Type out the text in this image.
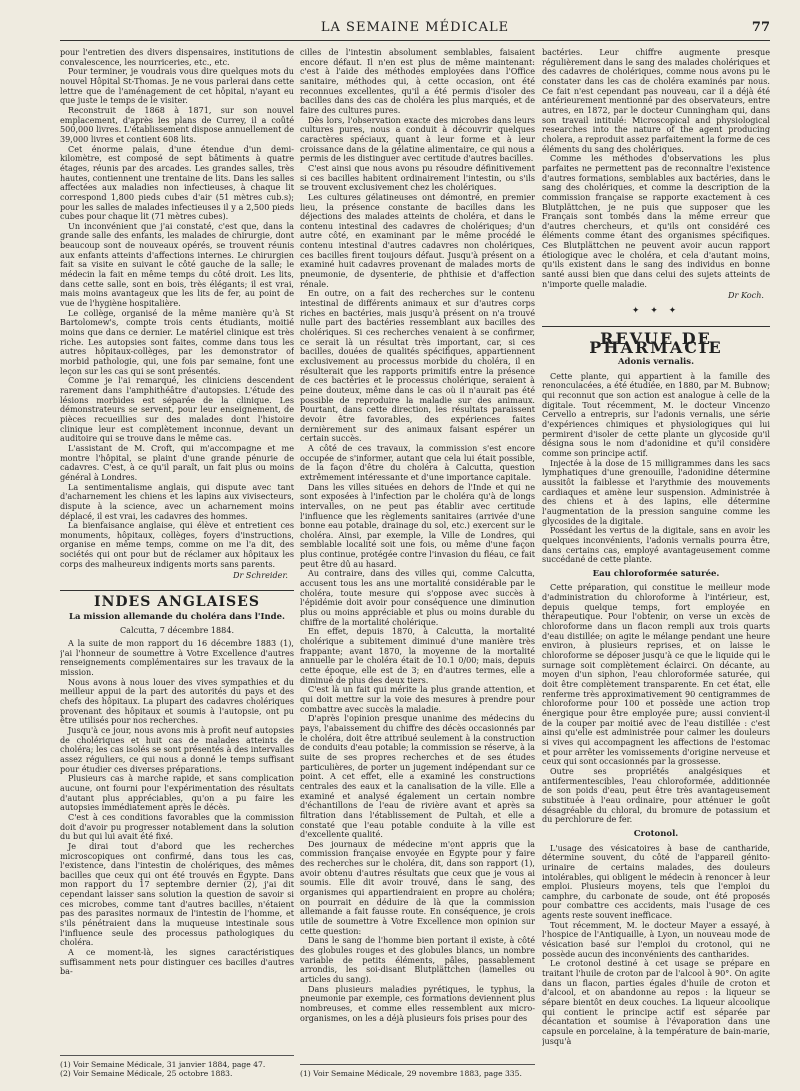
LA SEMAINE MÉDICALE	77

pour l'entretien des divers dispensaires, institutions de convalescence, les nourriceries, etc., etc.

Pour terminer, je voudrais vous dire quelques mots du nouvel Hôpital St-Thomas. Je ne vous parlerai dans cette lettre que de l'aménagement de cet hôpital, n'ayant eu que juste le temps de le visiter.

Reconstruit de 1868 à 1871, sur son nouvel emplacement, d'après les plans de Currey, il a coûté 500,000 livres. L'établissement dispose annuellement de 39,000 livres et contient 608 lits.

Cet énorme palais, d'une étendue d'un demi-kilomètre, est composé de sept bâtiments à quatre étages, réunis par des arcades. Les grandes salles, très hautes, contiennent une trentaine de lits. Dans les salles affectées aux maladies non infectieuses, à chaque lit correspond 1,800 pieds cubes d'air (51 mètres cub.s); pour les salles de malades infectieuses il y a 2,500 pieds cubes pour chaque lit (71 mètres cubes).

Un inconvénient que j'ai constaté, c'est que, dans la grande salle des enfants, les malades de chirurgie, dont beaucoup sont de nouveaux opérés, se trouvent réunis aux enfants atteints d'affections internes. Le chirurgien fait sa visite en suivant le côté gauche de la salle; le médecin la fait en même temps du côté droit. Les lits, dans cette salle, sont en bois, très élégants; il est vrai, mais moins avantageux que les lits de fer, au point de vue de l'hygiène hospitalière.

Le collège, organisé de la même manière qu'à St Bartolomew's, compte trois cents étudiants, moitié moins que dans ce dernier. Le matériel clinique est très riche. Les autopsies sont faites, comme dans tous les autres hôpitaux-collèges, par les demonstrator of morbid pathologie, qui, une fois par semaine, font une leçon sur les cas qui se sont présentés.

Comme je l'ai remarqué, les cliniciens descendent rarement dans l'amphithéâtre d'autopsies. L'étude des lésions morbides est séparée de la clinique. Les démonstrateurs se servent, pour leur enseignement, de pièces recueillies sur des malades dont l'histoire clinique leur est complètement inconnue, devant un auditoire qui se trouve dans le même cas.

L'assistant de M. Croft, qui m'accompagne et me montre l'hôpital, se plaint d'une grande pénurie de cadavres. C'est, à ce qu'il paraît, un fait plus ou moins général à Londres.

La sentimentalisme anglais, qui dispute avec tant d'acharnement les chiens et les lapins aux vivisecteurs, dispute à la science, avec un acharnement moins déplacé, il est vrai, les cadavres des hommes.

La bienfaisance anglaise, qui élève et entretient ces monuments, hôpitaux, collèges, foyers d'instructions, organise en même temps, comme on me l'a dit, des sociétés qui ont pour but de réclamer aux hôpitaux les corps des malheureux indigents morts sans parents.

Dr Schreider.
INDES ANGLAISES
La mission allemande du choléra dans l'Inde.
Calcutta, 7 décembre 1884.

A la suite de mon rapport du 16 décembre 1883 (1), j'ai l'honneur de soumettre à Votre Excellence d'autres renseignements complémentaires sur les travaux de la mission.

Nous avons à nous louer des vives sympathies et du meilleur appui de la part des autorités du pays et des chefs des hôpitaux. La plupart des cadavres cholériques provenant des hôpitaux et soumis à l'autopsie, ont pu être utilisés pour nos recherches.

Jusqu'à ce jour, nous avons mis à profit neuf autopsies de cholériques et huit cas de malades atteints de choléra; les cas isolés se sont présentés à des intervalles assez réguliers, ce qui nous a donné le temps suffisant pour étudier ces diverses préparations.

Plusieurs cas à marche rapide, et sans complication aucune, ont fourni pour l'expérimentation des résultats d'autant plus appréciables, qu'on a pu faire les autopsies immédiatement après le décès.

C'est à ces conditions favorables que la commission doit d'avoir pu progresser notablement dans la solution du but qui lui avait été fixé.

Je dirai tout d'abord que les recherches microscopiques ont confirmé, dans tous les cas, l'existence, dans l'intestin de cholériques, des mêmes bacilles que ceux qui ont été trouvés en Égypte. Dans mon rapport du 17 septembre dernier (2), j'ai dit cependant laisser sans solution la question de savoir si ces microbes, comme tant d'autres bacilles, n'étaient pas des parasites normaux de l'intestin de l'homme, et s'ils pénétraient dans la muqueuse intestinale sous l'influence seule des processus pathologiques du choléra.

A ce moment-là, les signes caractéristiques suffisamment nets pour distinguer ces bacilles d'autres ba-

(1) Voir Semaine Médicale, 31 janvier 1884, page 47.
(2) Voir Semaine Médicale, 25 octobre 1883.

cilles de l'intestin absolument semblables, faisaient encore défaut. Il n'en est plus de même maintenant: c'est à l'aide des méthodes employées dans l'Office sanitaire, méthodes qui, à cette occasion, ont été reconnues excellentes, qu'il a été permis d'isoler des bacilles dans des cas de choléra les plus marqués, et de faire des cultures pures.

Dès lors, l'observation exacte des microbes dans leurs cultures pures, nous a conduit à découvrir quelques caractères spéciaux, quant à leur forme et à leur croissance dans de la gélatine alimentaire, ce qui nous a permis de les distinguer avec certitude d'autres bacilles.

C'est ainsi que nous avons pu résoudre définitivement si ces bacilles habitent ordinairement l'intestin, ou s'ils se trouvent exclusivement chez les cholériques.

Les cultures gélatineuses ont démontré, en premier lieu, la présence constante de bacilles dans les déjections des malades atteints de choléra, et dans le contenu intestinal des cadavres de cholériques; d'un autre côté, en examinant par le même procédé le contenu intestinal d'autres cadavres non cholériques, ces bacilles firent toujours défaut. Jusqu'à présent on a examiné huit cadavres provenant de malades morts de pneumonie, de dysenterie, de phthisie et d'affection rénale.

En outre, on a fait des recherches sur le contenu intestinal de différents animaux et sur d'autres corps riches en bactéries, mais jusqu'à présent on n'a trouvé nulle part des bactéries ressemblant aux bacilles des cholériques. Si ces recherches venaient à se confirmer, ce serait là un résultat très important, car, si ces bacilles, douées de qualités spécifiques, appartiennent exclusivement au processus morbide du choléra, il en résulterait que les rapports primitifs entre la présence de ces bactéries et le processus cholérique, seraient à peine douteux, même dans le cas où il n'aurait pas été possible de reproduire la maladie sur des animaux. Pourtant, dans cette direction, les résultats paraissent devoir être favorables, des expériences faites dernièrement sur des animaux faisant espérer un certain succès.

A côté de ces travaux, la commission s'est encore occupée de s'informer, autant que cela lui était possible, de la façon d'être du choléra à Calcutta, question extrêmement intéressante et d'une importance capitale.

Dans les villes situées en dehors de l'Inde et qui ne sont exposées à l'infection par le choléra qu'à de longs intervalles, on ne peut pas établir avec certitude l'influence que les règlements sanitaires (arrivée d'une bonne eau potable, drainage du sol, etc.) exercent sur le choléra. Ainsi, par exemple, la Ville de Londres, qui semblable localité soit une fois, ou même d'une façon plus continue, protégée contre l'invasion du fléau, ce fait peut être dû au hasard.

Au contraire, dans des villes qui, comme Calcutta, accusent tous les ans une mortalité considérable par le choléra, toute mesure qui s'oppose avec succès à l'épidémie doit avoir pour conséquence une diminution plus ou moins appréciable et plus ou moins durable du chiffre de la mortalité cholérique.

En effet, depuis 1870, à Calcutta, la mortalité cholérique a subitement diminué d'une manière très frappante; avant 1870, la moyenne de la mortalité annuelle par le choléra était de 10.1 0/00; mais, depuis cette époque, elle est de 3; en d'autres termes, elle a diminué de plus des deux tiers.

C'est là un fait qui mérite la plus grande attention, et qui doit mettre sur la voie des mesures à prendre pour combattre avec succès la maladie.

D'après l'opinion presque unanime des médecins du pays, l'abaissement du chiffre des décès occasionnés par le choléra, doit être attribué seulement à la construction de conduits d'eau potable; la commission se réserve, à la suite de ses propres recherches et de ses études particulières, de porter un jugement indépendant sur ce point. A cet effet, elle a examiné les constructions centrales des eaux et la canalisation de la ville. Elle a examiné et analysé également un certain nombre d'échantillons de l'eau de rivière avant et après sa filtration dans l'établissement de Pultah, et elle a constaté que l'eau potable conduite à la ville est d'excellente qualité.

Des journaux de médecine m'ont appris que la commission française envoyée en Égypte pour y faire des recherches sur le choléra, dit, dans son rapport (1), avoir obtenu d'autres résultats que ceux que je vous ai soumis. Elle dit avoir trouvé, dans le sang, des organismes qui appartiendraient en propre au choléra; on pourrait en déduire de là que la commission allemande a fait fausse route. En conséquence, je crois utile de soumettre à Votre Excellence mon opinion sur cette question:

Dans le sang de l'homme bien portant il existe, à côté des globules rouges et des globules blancs, un nombre variable de petits éléments, pâles, passablement arrondis, les soi-disant Blutplättchen (lamelles ou articles du sang).

Dans plusieurs maladies pyrétiques, le typhus, la pneumonie par exemple, ces formations deviennent plus nombreuses, et comme elles ressemblent aux micro-organismes, on les a déjà plusieurs fois prises pour des

(1) Voir Semaine Médicale, 29 novembre 1883, page 335.

bactéries. Leur chiffre augmente presque régulièrement dans le sang des malades cholériques et des cadavres de cholériques, comme nous avons pu le constater dans les cas de choléra examinés par nous. Ce fait n'est cependant pas nouveau, car il a déjà été antérieurement mentionné par des observateurs, entre autres, en 1872, par le docteur Cunningham qui, dans son travail intitulé: Microscopical and physiological researches into the nature of the agent producing cholera, a reproduit assez parfaitement la forme de ces éléments du sang des cholériques.

Comme les méthodes d'observations les plus parfaites ne permettent pas de reconnaître l'existence d'autres formations, semblables aux bactéries, dans le sang des cholériques, et comme la description de la commission française se rapporte exactement à ces Blutplättchen, je ne puis que supposer que les Français sont tombés dans la même erreur que d'autres chercheurs, et qu'ils ont considéré ces éléments comme étant des organismes spécifiques. Ces Blutplättchen ne peuvent avoir aucun rapport étiologique avec le choléra, et cela d'autant moins, qu'ils existent dans le sang des individus en bonne santé aussi bien que dans celui des sujets atteints de n'importe quelle maladie.

Dr Koch.
✦ ✦ ✦
REVUE DE PHARMACIE
Adonis vernalis.

Cette plante, qui appartient à la famille des renonculacées, a été étudiée, en 1880, par M. Bubnow; qui reconnut que son action est analogue à celle de la digitale. Tout récemment, M. le docteur Vincenzo Cervello a entrepris, sur l'adonis vernalis, une série d'expériences chimiques et physiologiques qui lui permirent d'isoler de cette plante un glycoside qu'il désigna sous le nom d'adonidine et qu'il considère comme son principe actif.

Injectée à la dose de 15 milligrammes dans les sacs lymphatiques d'une grenouille, l'adonidine détermine aussitôt la faiblesse et l'arythmie des mouvements cardiaques et amène leur suspension. Administrée à des chiens et à des lapins, elle détermine l'augmentation de la pression sanguine comme les glycosides de la digitale.

Possédant les vertus de la digitale, sans en avoir les quelques inconvénients, l'adonis vernalis pourra être, dans certains cas, employé avantageusement comme succédané de cette plante.

Eau chloroformée saturée.

Cette préparation, qui constitue le meilleur mode d'administration du chloroforme à l'intérieur, est, depuis quelque temps, fort employée en thérapeutique. Pour l'obtenir, on verse un excès de chloroforme dans un flacon rempli aux trois quarts d'eau distillée; on agite le mélange pendant une heure environ, à plusieurs reprises, et on laisse le chloroforme se déposer jusqu'à ce que le liquide qui le surnage soit complètement éclairci. On décante, au moyen d'un siphon, l'eau chloroformée saturée, qui doit être complètement transparente. En cet état, elle renferme très approximativement 90 centigrammes de chloroforme pour 100 et possède une action trop énergique pour être employée pure; aussi convient-il de la couper par moitié avec de l'eau distillée : c'est ainsi qu'elle est administrée pour calmer les douleurs si vives qui accompagnent les affections de l'estomac et pour arrêter les vomissements d'origine nerveuse et ceux qui sont occasionnés par la grossesse.

Outre ses propriétés analgésiques et antifermentescibles, l'eau chloroformée, additionnée de son poids d'eau, peut être très avantageusement substituée à l'eau ordinaire, pour atténuer le goût désagréable du chloral, du bromure de potassium et du perchlorure de fer.

Crotonol.

L'usage des vésicatoires à base de cantharide, détermine souvent, du côté de l'appareil génito-urinaire de certains malades, des douleurs intolérables, qui obligent le médecin à renoncer à leur emploi. Plusieurs moyens, tels que l'emploi du camphre, du carbonate de soude, ont été proposés pour combattre ces accidents, mais l'usage de ces agents reste souvent inefficace.

Tout récemment, M. le docteur Mayer a essayé, à l'hospice de l'Antiquaille, à Lyon, un nouveau mode de vésication basé sur l'emploi du crotonol, qui ne possède aucun des inconvénients des cantharides.

Le crotonol destiné à cet usage se prépare en traitant l'huile de croton par de l'alcool à 90°. On agite dans un flacon, parties égales d'huile de croton et d'alcool, et on abandonne au repos : la liqueur se sépare bientôt en deux couches. La liqueur alcoolique qui contient le principe actif est séparée par décantation et soumise à l'évaporation dans une capsule en porcelaine, à la température de bain-marie, jusqu'à
